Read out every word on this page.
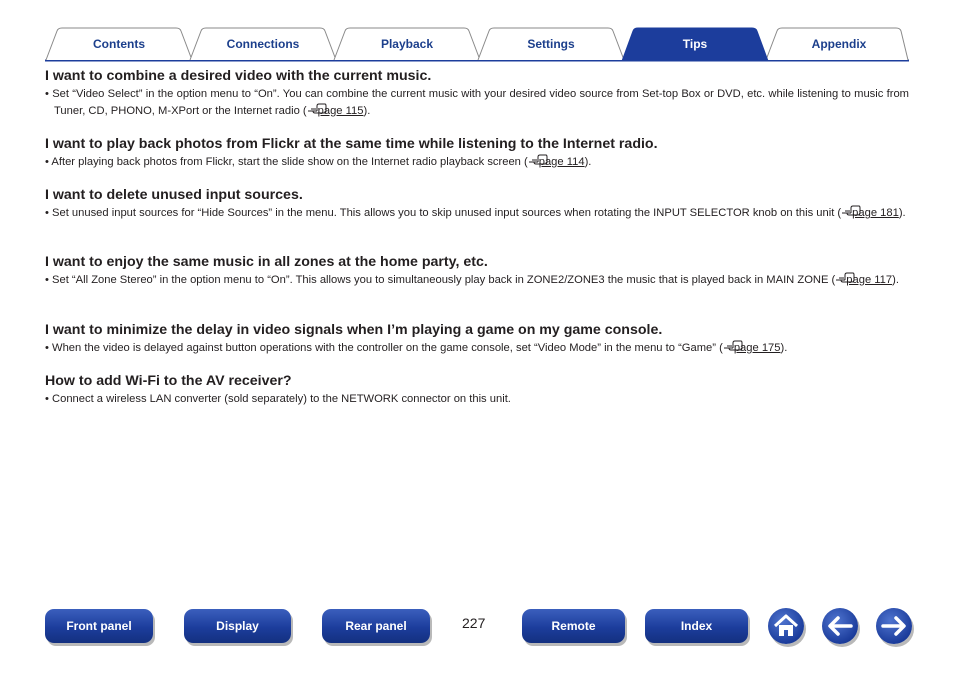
Contents	Connections	Playback	Settings	Tips	Appendix
I want to combine a desired video with the current music.

• Set “Video Select” in the option menu to “On”. You can combine the current music with your desired video source from Set-top Box or DVD, etc. while listening to music from Tuner, CD, PHONO, M-XPort or the Internet radio ( page 115 ).

I want to play back photos from Flickr at the same time while listening to the Internet radio.

• After playing back photos from Flickr, start the slide show on the Internet radio playback screen ( page 114 ).

I want to delete unused input sources.

• Set unused input sources for “Hide Sources” in the menu. This allows you to skip unused input sources when rotating the INPUT SELECTOR knob on this unit ( page 181 ).

I want to enjoy the same music in all zones at the home party, etc.

• Set “All Zone Stereo” in the option menu to “On”. This allows you to simultaneously play back in ZONE2/ZONE3 the music that is played back in MAIN ZONE ( page 117 ).

I want to minimize the delay in video signals when I’m playing a game on my game console.

• When the video is delayed against button operations with the controller on the game console, set “Video Mode” in the menu to “Game” ( page 175 ).

How to add Wi-Fi to the AV receiver?

• Connect a wireless LAN converter (sold separately) to the NETWORK connector on this unit.

Front panel	Display	Rear panel	227	Remote	Index
